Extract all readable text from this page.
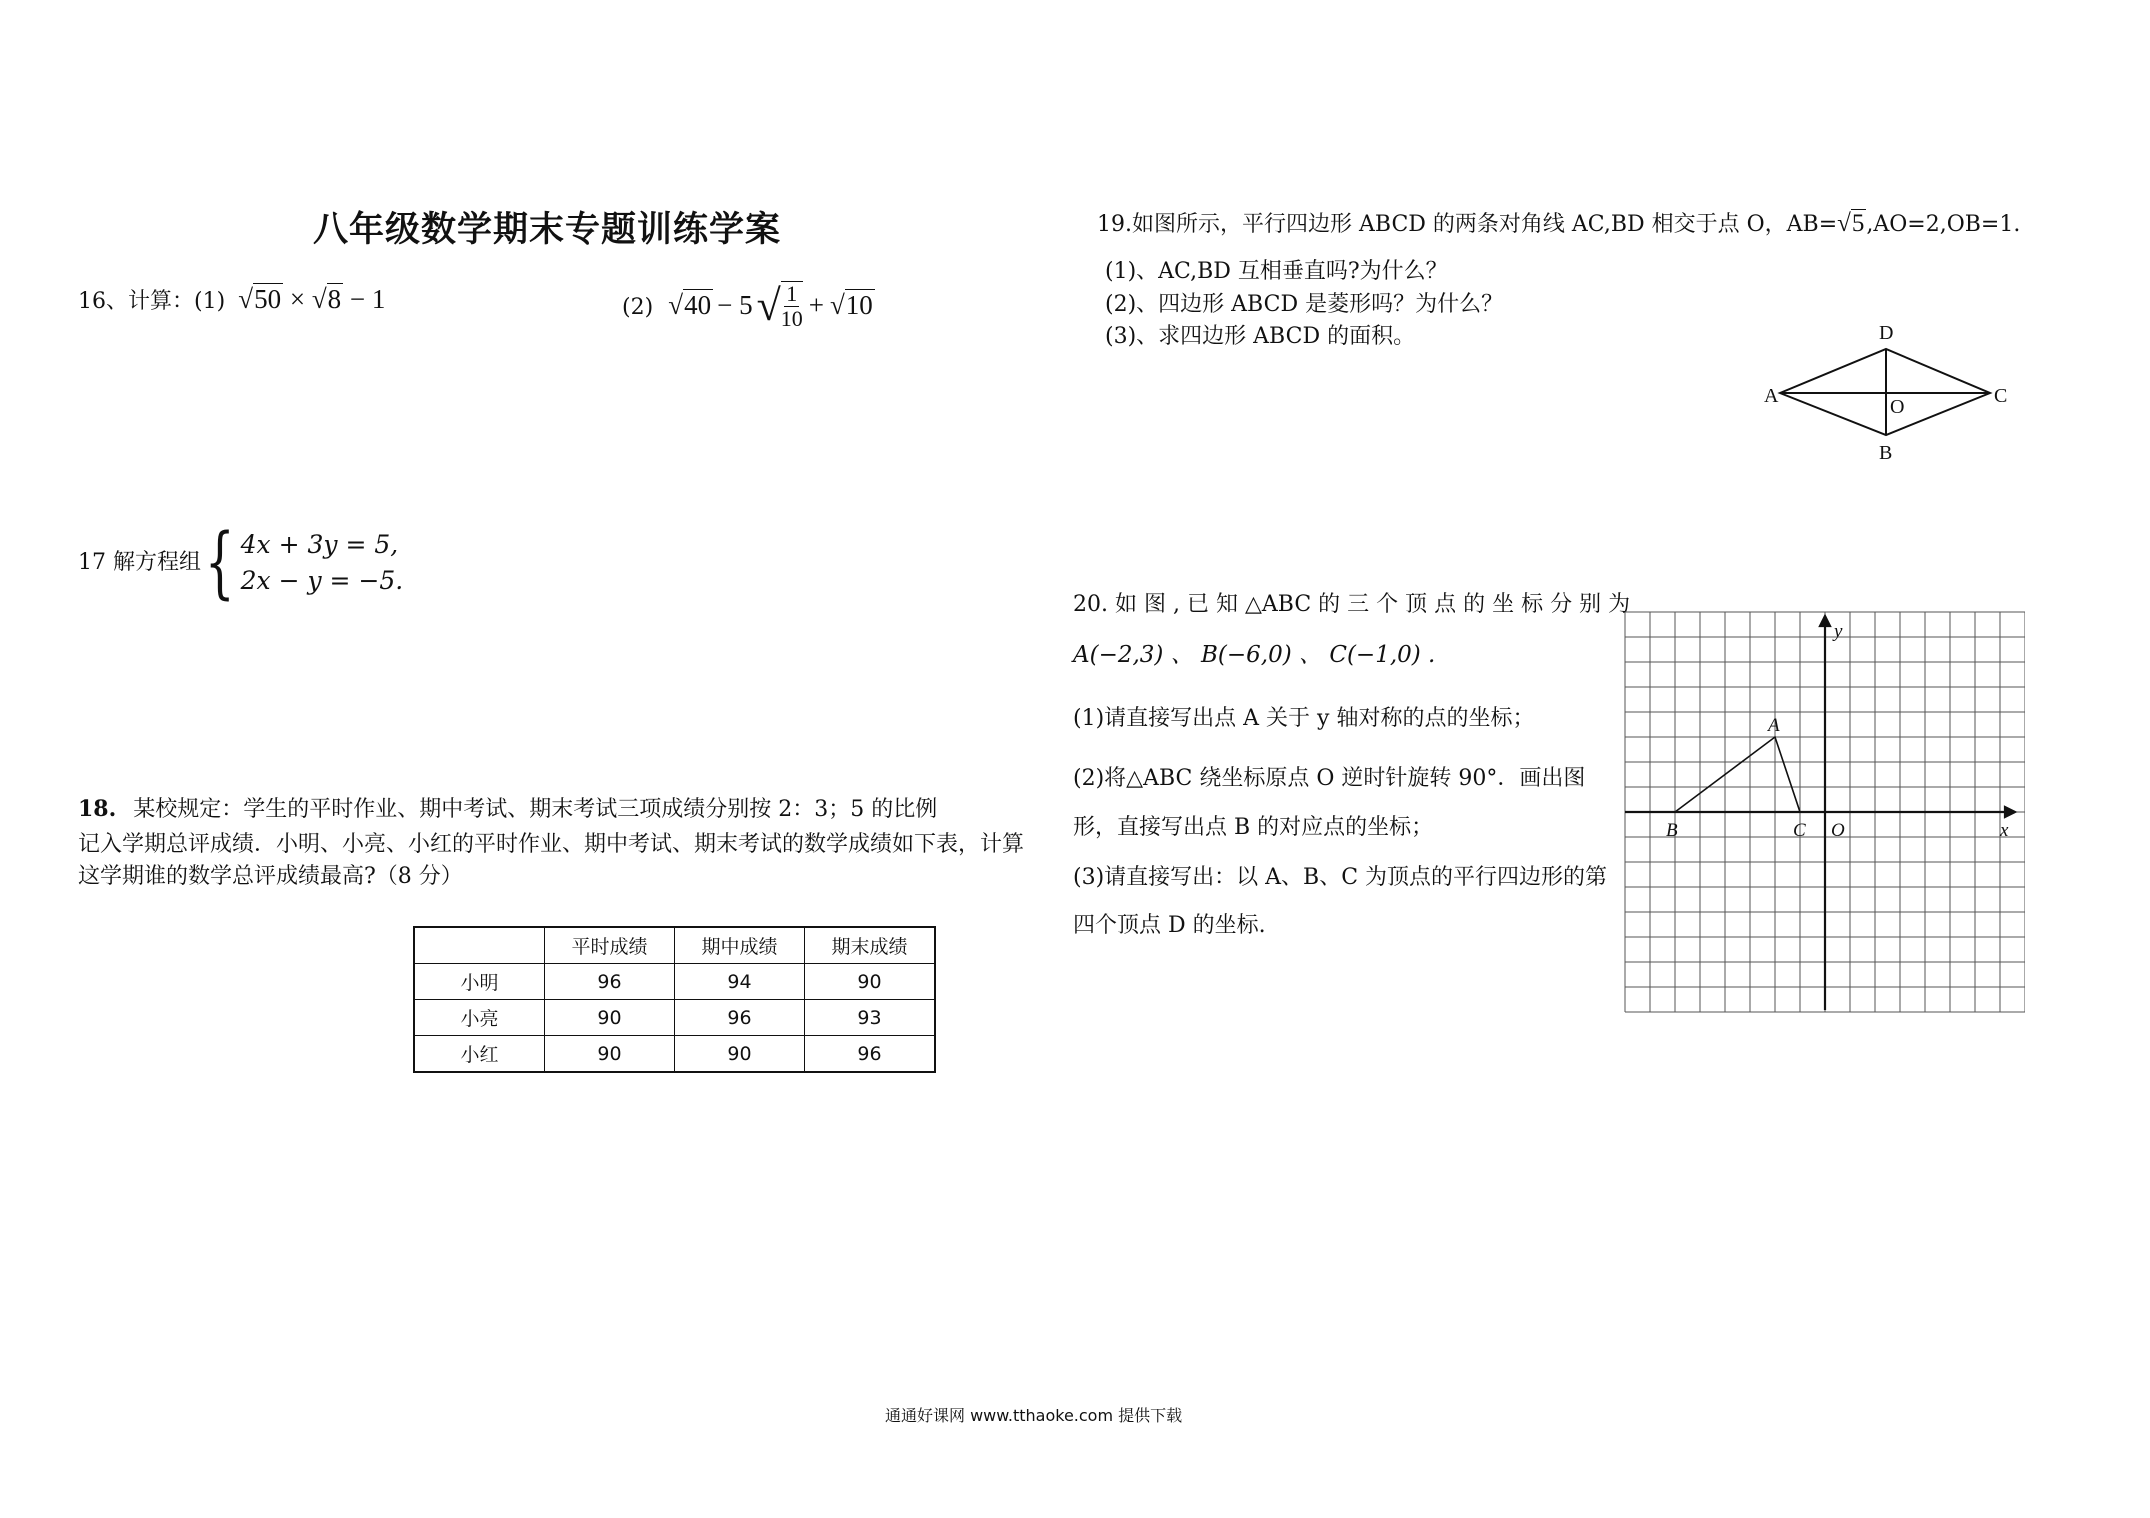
八年级数学期末专题训练学案
16、计算：(1) √50 × √8 − 1	(2) √40 − 5 √ $\frac{1}{10} + √10$
17 解方程组 { 4x + 3y = 5,
2x − y = −5.
18. 某校规定：学生的平时作业、期中考试、期末考试三项成绩分别按 2：3；5 的比例
记入学期总评成绩．小明、小亮、小红的平时作业、期中考试、期末考试的数学成绩如下表，计算
这学期谁的数学总评成绩最高?（8 分）
	平时成绩	期中成绩	期末成绩
小明	96	94	90
小亮	90	96	93
小红	90	90	96
19.如图所示，平行四边形 ABCD 的两条对角线 AC,BD 相交于点 O，AB=√5,AO=2,OB=1.
(1)、AC,BD 互相垂直吗?为什么？
(2)、四边形 ABCD 是菱形吗？为什么？
(3)、求四边形 ABCD 的面积。
A
B
C
D
O
20. 如 图 , 已 知 △ABC 的 三 个 顶 点 的 坐 标 分 别 为
A(−2,3) 、 B(−6,0) 、 C(−1,0) .
(1)请直接写出点 A 关于 y 轴对称的点的坐标；
(2)将△ABC 绕坐标原点 O 逆时针旋转 90°．画出图
形，直接写出点 B 的对应点的坐标；
(3)请直接写出：以 A、B、C 为顶点的平行四边形的第
四个顶点 D 的坐标.
y
x
O
A
B	C
通通好课网 www.tthaoke.com 提供下载
